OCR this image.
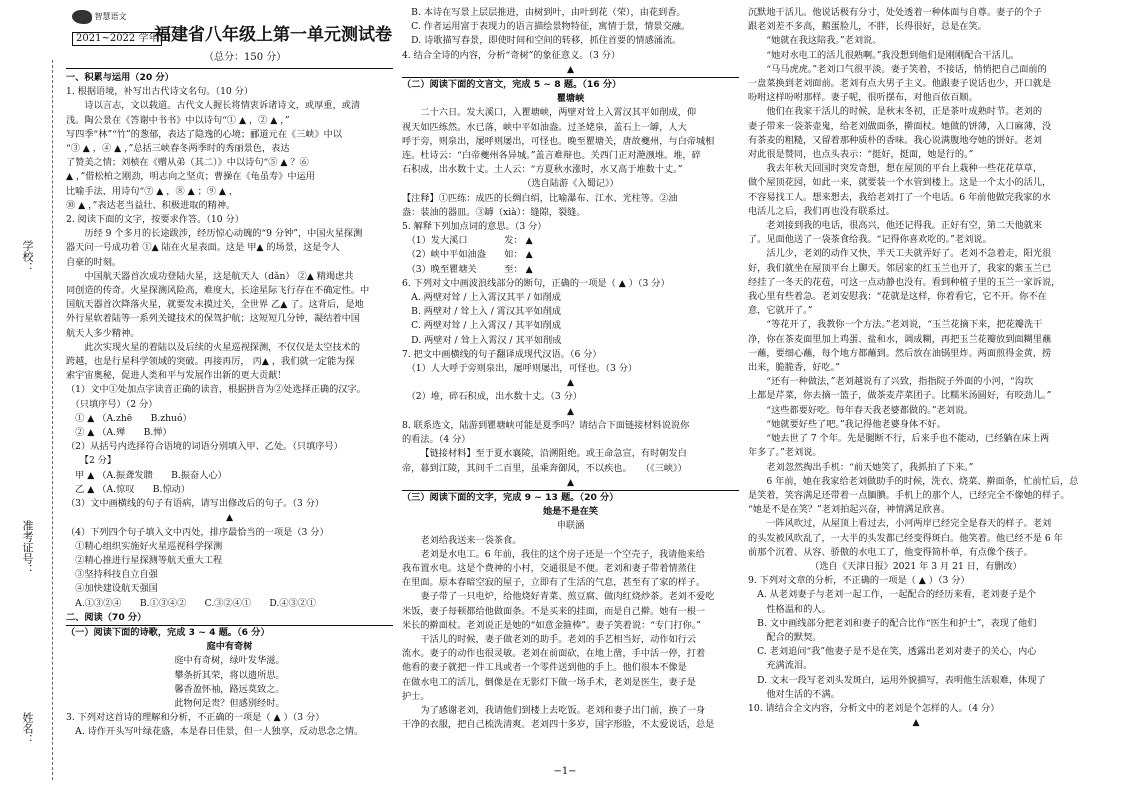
学校：
准考证号：
姓名：
智慧语文
2021~2022 学年
福建省八年级上第一单元测试卷
（总分：150 分）
一、积累与运用（20 分）
1. 根据语境，补写出古代诗文名句。（10 分）
诗以言志，文以载道。古代文人握长将情衷诉诸诗文，或厚重，或清
浅。陶公景在《答谢中书书》中以诗句“① ▲ ，② ▲ ，”
写四季“林”“竹”的葱郁，表达了隐逸的心境；郦道元在《三峡》中以
“③ ▲ ，④ ▲ ，”总括三峡春冬两季时的秀丽景色，表达
了赞美之情；刘桢在《赠从弟（其二）》中以诗句“⑤ ▲ ？⑥
▲ ，”借松柏之刚劲，明志向之坚贞；曹操在《龟虽寿》中运用
比喻手法，用诗句“⑦ ▲ ，⑧ ▲ ；⑨ ▲ ，
⑩ ▲ ，”表达老当益壮、积极进取的精神。
2. 阅读下面的文字，按要求作答。（10 分）
历经 9 个多月的长途跋涉，经历惊心动魄的“9 分钟”，中国火星探测
器天问一号成功着 ①▲ 陆在火星表面。这是 甲▲ 的场景，这是令人
自豪的时刻。
中国航天器首次成功登陆火星，这是航天人（dǎn） ②▲ 精竭虑共
同创造的传奇。火星探测风险高，难度大，长途星际飞行存在不确定性。中
国航天器首次降落火星，就要发未摸过关，全世界 乙▲ 了。这背后，是地
外行星软着陆等一系列关键技术的保驾护航；这短短几分钟，凝结着中国
航天人多少精神。
此次实现火星的着陆以及后续的火星巡视探测，不仅仅是太空技术的
跨越，也是行星科学领域的突破。再接再厉， 丙▲ ，我们就一定能为探
索宇宙奥秘，促进人类和平与发展作出新的更大贡献！
（1）文中①处加点字读音正确的读音，根据拼音为②处选择正确的汉字。
　（只填序号）（2 分）
　① ▲ （A.zhē　　B.zhuó）
　② ▲ （A.殚　　B.惮）
（2）从括号内选择符合语境的词语分别填入甲、乙处。（只填序号）
　　【2 分】
　甲 ▲ （A.振聋发聩　　B.振奋人心）
　乙 ▲ （A.惊叹　　B.惊动）
（3）文中画横线的句子有语病，请写出修改后的句子。（3 分）
▲
（4）下列四个句子填入文中丙处，排序最恰当的一项是（3 分）
　①精心组织实施好火星巡视科学探测
　②精心推进行星探测等航天重大工程
　③坚持科技自立自强
　④加快建设航天强国
　A.①③②④　　B.①③④②　　C.③②④①　　D.④③②①
二、阅读（70 分）
（一）阅读下面的诗歌，完成 3 ~ 4 题。（6 分）
庭中有奇树
庭中有奇树，绿叶发华滋。
攀条折其荣，将以遗所思。
馨香盈怀袖，路远莫致之。
此物何足贵？但感别经时。
3. 下列对这首诗的理解和分析，不正确的一项是（ ▲ ）（3 分）
　A. 诗作开头写叶绿花盛，本是春日佳景，但一人独享，反动思念之情。
　B. 本诗在写景上层层推进，由树到叶，由叶到花（荣），由花到香。
　C. 作者运用富于表现力的语言描绘景物特征，寓情于景，情景交融。
　D. 诗歌描写春景，即使时间和空间的转移，抓住首要的情感涌流。
4. 结合全诗的内容，分析“奇树”的象征意义。（3 分）
▲
（二）阅读下面的文言文，完成 5 ~ 8 题。（16 分）
瞿塘峡
二十六日。发大溪口，入瞿塘峡，两壁对耸上入霄汉其平如削成，仰
视天如匹练然。水已落，峡中平如油盎。过圣姥泉，盖石上一罅，人大
呼于旁，则泉出，屡呼则屡出，可怪也。晚至瞿塘关，唐故夔州，与白帝城相
连。杜诗云：“白帝夔州各异城。”盖言难辩也。关西门正对滟滪堆。堆，碎
石积成，出水数十丈。土人云：“方夏秋水涨时，水又高于堆数十丈。”
（选自陆游《入蜀记》）
【注释】①匹练：成匹的长绸白绢，比喻瀑布、江水、光柱等。②油
盎：装油的器皿。③罅（xià）：缝隙，裂缝。
5. 解释下列加点词的意思。（3 分）
　（1）发大溪口　　　　发： ▲
　（2）峡中平如油盎　　如： ▲
　（3）晚至瞿塘关　　　至： ▲
6. 下列对文中画波浪线部分的断句，正确的一项是（ ▲ ）（3 分）
　A. 两壁对耸 / 上入霄汉其平 / 如削成
　B. 两壁对 / 耸上入 / 霄汉其平如削成
　C. 两壁对耸 / 上入霄汉 / 其平如削成
　D. 两壁对 / 耸上入霄汉 / 其平如削成
7. 把文中画横线的句子翻译成现代汉语。（6 分）
　（1）人大呼于旁则泉出，屡呼则屡出，可怪也。（3 分）
▲
　（2）堆，碎石积成，出水数十丈。（3 分）
▲
8. 联系选文，陆游到瞿塘峡可能是夏季吗？请结合下面链接材料说说你
的看法。（4 分）
【链接材料】至于夏水襄陵，沿溯阻绝。或王命急宣，有时朝发白
帝，暮到江陵，其间千二百里，虽乘奔御风，不以疾也。　　（《三峡》）
▲
（三）阅读下面的文字，完成 9 ~ 13 题。（20 分）
她是不是在笑
申联涵
老刘给我送来一袋茶食。
老刘是水电工。6 年前，我住的这个房子还是一个空壳子，我请他来给
我布置水电。这是个费神的小村，交通很是不便。老刘和妻子带着情蒸住
在里面。原本春暗空寂的屋子，立即有了生活的气息，甚至有了家的样子。
妻子带了一只电炉，给他烧好青菜、煎豆腐、做肉红烧炒茶。老刘不爱吃
米饭，妻子每顿都给他做面条。不是买来的挂面，而是自己擀。她有一根一
米长的擀面杖。老刘说正是她的“如意金箍棒”。妻子笑着说：“专门打你。”
干活儿的时候，妻子做老刘的助手。老刘的手艺相当好，动作如行云
流水。妻子的动作也很灵敏。老刘在前面砍，在地上凿，手中活一停，打着
他看的妻子就把一件工具或者一个零件送到他的手上。他们很本不像是
在做水电工的活儿，倒像是在无影灯下做一场手术，老刘是医生，妻子是
护士。
为了感谢老刘，我请他们到楼上去吃饭。老刘和妻子出门前，换了一身
干净的衣服，把自己梳洗清爽。老刘四十多岁，国字形脸，不太爱说话，总是
沉默地干活儿。他说话极有分寸，处处透着一种体面与自尊。妻子的个子
跟老刘差不多高，鹅蛋脸儿，不胖，长得很好，总是在笑。
“她就在我这陪我。”老刘说。
“她对水电工的活儿很熟啊。”我没想到他们是刚刚配合干活儿。
“马马虎虎。”老刘口气很平淡。妻子笑着，不接话，悄悄把自己面前的
一盘菜换到老刘面前。老刘有点大男子主义。他跟妻子说话也少，开口就是
吩咐这样吩咐那样。妻子呢，很听摆布，对他百依百顺。
他们在我家干活儿的时候，是秋末冬初，正是茶叶成熟时节。老刘的
妻子带来一袋茶壶鬼，给老刘做面条，擀面杖。她做的饼薄，入口麻薄，没
有茶麦的粗糙，又留着那种质朴的香味。我心说满腹地夸她的饼好。老刘
对此很是赞同，也点头表示：“挺好，挺面，她是行的。”
我去年秋天回国时突发奇想，想在屋顶的平台上栽种一些花花草草，
做个屋顶花园，如此一来，就要装一个水管到楼上。这是一个太小的活儿，
不容易找工人。想来想去，我给老刘打了一个电话。6 年前他做完我家的水
电活儿之后，我们再也没有联系过。
老刘接到我的电话，很高兴，他还记得我。正好有空，第二天他就来
了。见面他送了一袋茶食给我。“记得你喜欢吃的。”老刘说。
活儿少，老刘的动作又快，半天工夫就弄好了。老刘不急着走，阳光很
好，我们就坐在屋顶平台上聊天。邻居家的红玉兰也开了，我家的紫玉兰已
经挂了一冬天的花苞，可这一点动静也没有。看到种植子里的玉兰一家诉说，
我心里有些着急。老刘安慰我：“花就是这样，你着看它，它不开。你不在
意，它就开了。”
“等花开了，我教你一个方法。”老刘说，“玉兰花摘下来，把花瓣洗干
净，你在茶麦面里加上鸡蛋、盐和水，调成糊，再把玉兰花瓣放到面糊里蘸
一蘸，要细心蘸，每个地方都蘸到。然后放在油锅里炸。两面煎得金黄，捞
出来，脆脆香，好吃。”
“还有一种做法，”老刘越说有了兴致，指指院子外面的小河，“沟坎
上都是芹菜，你去摘一篮子，做茶麦芹菜团子。比糯米汤圆好，有咬劲儿。”
“这些都要好吃。每年春天我老婆都做的。”老刘说。
“她就要好些了吧。”我记得他老婆身体不好。
“她去世了 7 个年。先是腿断不行，后来手也不能动，已经躺在床上两
年多了。”老刘说。
老刘忽然掏出手机：“前天她笑了，我抓拍了下来。”
6 年前，她在我家给老刘做助手的时候，洗衣、烧菜、擀面条，忙前忙后，总
是笑着，笑容满足还带着一点腼腆。手机上的那个人，已经完全不像她的样子。
“她是不是在笑？”老刘拍起兴奋，神情满足欣喜。
一阵风吹过，从屋顶上看过去，小河两岸已经完全是春天的样子。老刘
的头发被风吹乱了，一大半的头发都已经变得斑白。他笑着。他已经不是 6 年
前那个沉着、从容、骄傲的水电工了，他变得简朴单，有点像个孩子。
（选自《天津日报》2021 年 3 月 21 日，有删改）
9. 下列对文章的分析，不正确的一项是（ ▲ ）（3 分）
　A. 从老刘妻子与老刘一起工作，一起配合的经历来看，老刘妻子是个
　　性格温和的人。
　B. 文中画线部分把老刘和妻子的配合比作“医生和护士”，表现了他们
　　配合的默契。
　C. 老刘追问“我”他妻子是不是在笑，透露出老刘对妻子的关心，内心
　　充满流泪。
　D. 文末一段写老刘头发斑白，运用外貌描写，表明他生活艰难，体现了
　　他对生活的不满。
10. 请结合全文内容，分析文中的老刘是个怎样的人。（4 分）
▲
−1−
